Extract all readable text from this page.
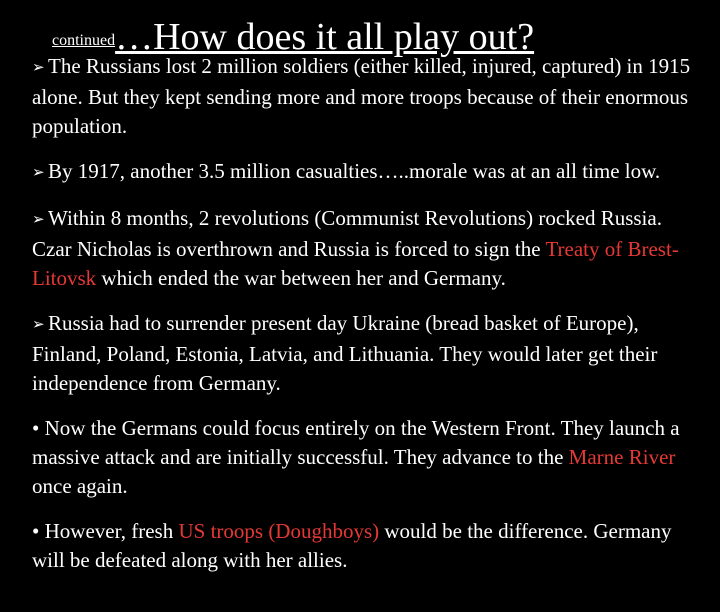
continued…How does it all play out?

➢ The Russians lost 2 million soldiers (either killed, injured, captured) in 1915 alone. But they kept sending more and more troops because of their enormous population.

➢ By 1917, another 3.5 million casualties…..morale was at an all time low.

➢ Within 8 months, 2 revolutions (Communist Revolutions) rocked Russia. Czar Nicholas is overthrown and Russia is forced to sign the Treaty of Brest-Litovsk which ended the war between her and Germany.

➢ Russia had to surrender present day Ukraine (bread basket of Europe), Finland, Poland, Estonia, Latvia, and Lithuania. They would later get their independence from Germany.

• Now the Germans could focus entirely on the Western Front. They launch a massive attack and are initially successful. They advance to the Marne River once again.

• However, fresh US troops (Doughboys) would be the difference. Germany will be defeated along with her allies.
